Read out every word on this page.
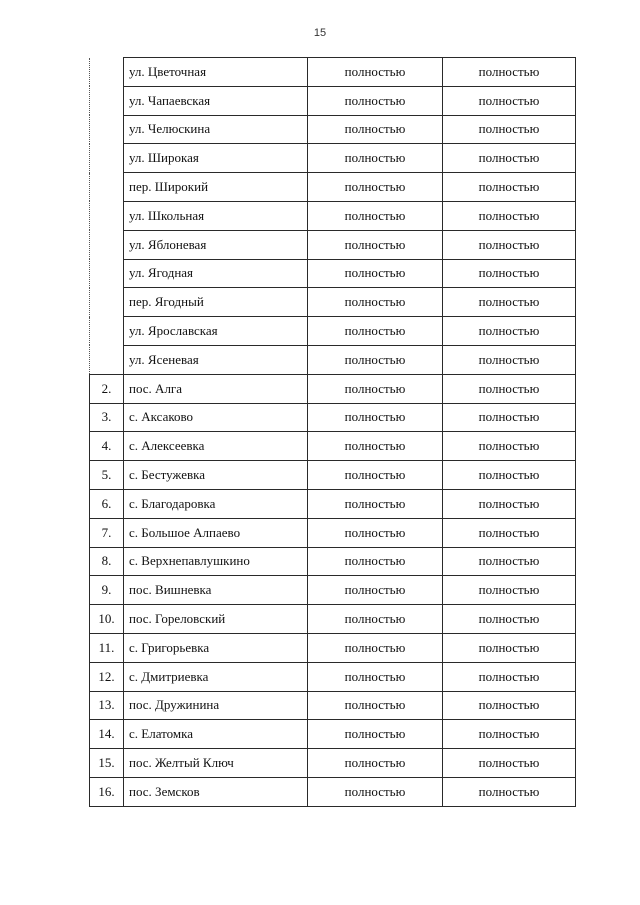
15
	ул. Цветочная	полностью	полностью
	ул. Чапаевская	полностью	полностью
	ул. Челюскина	полностью	полностью
	ул. Широкая	полностью	полностью
	пер. Широкий	полностью	полностью
	ул. Школьная	полностью	полностью
	ул. Яблоневая	полностью	полностью
	ул. Ягодная	полностью	полностью
	пер. Ягодный	полностью	полностью
	ул. Ярославская	полностью	полностью
	ул. Ясеневая	полностью	полностью
2.	пос. Алга	полностью	полностью
3.	с. Аксаково	полностью	полностью
4.	с. Алексеевка	полностью	полностью
5.	с. Бестужевка	полностью	полностью
6.	с. Благодаровка	полностью	полностью
7.	с. Большое Алпаево	полностью	полностью
8.	с. Верхнепавлушкино	полностью	полностью
9.	пос. Вишневка	полностью	полностью
10.	пос. Гореловский	полностью	полностью
11.	с. Григорьевка	полностью	полностью
12.	с. Дмитриевка	полностью	полностью
13.	пос. Дружинина	полностью	полностью
14.	с. Елатомка	полностью	полностью
15.	пос. Желтый Ключ	полностью	полностью
16.	пос. Земсков	полностью	полностью
